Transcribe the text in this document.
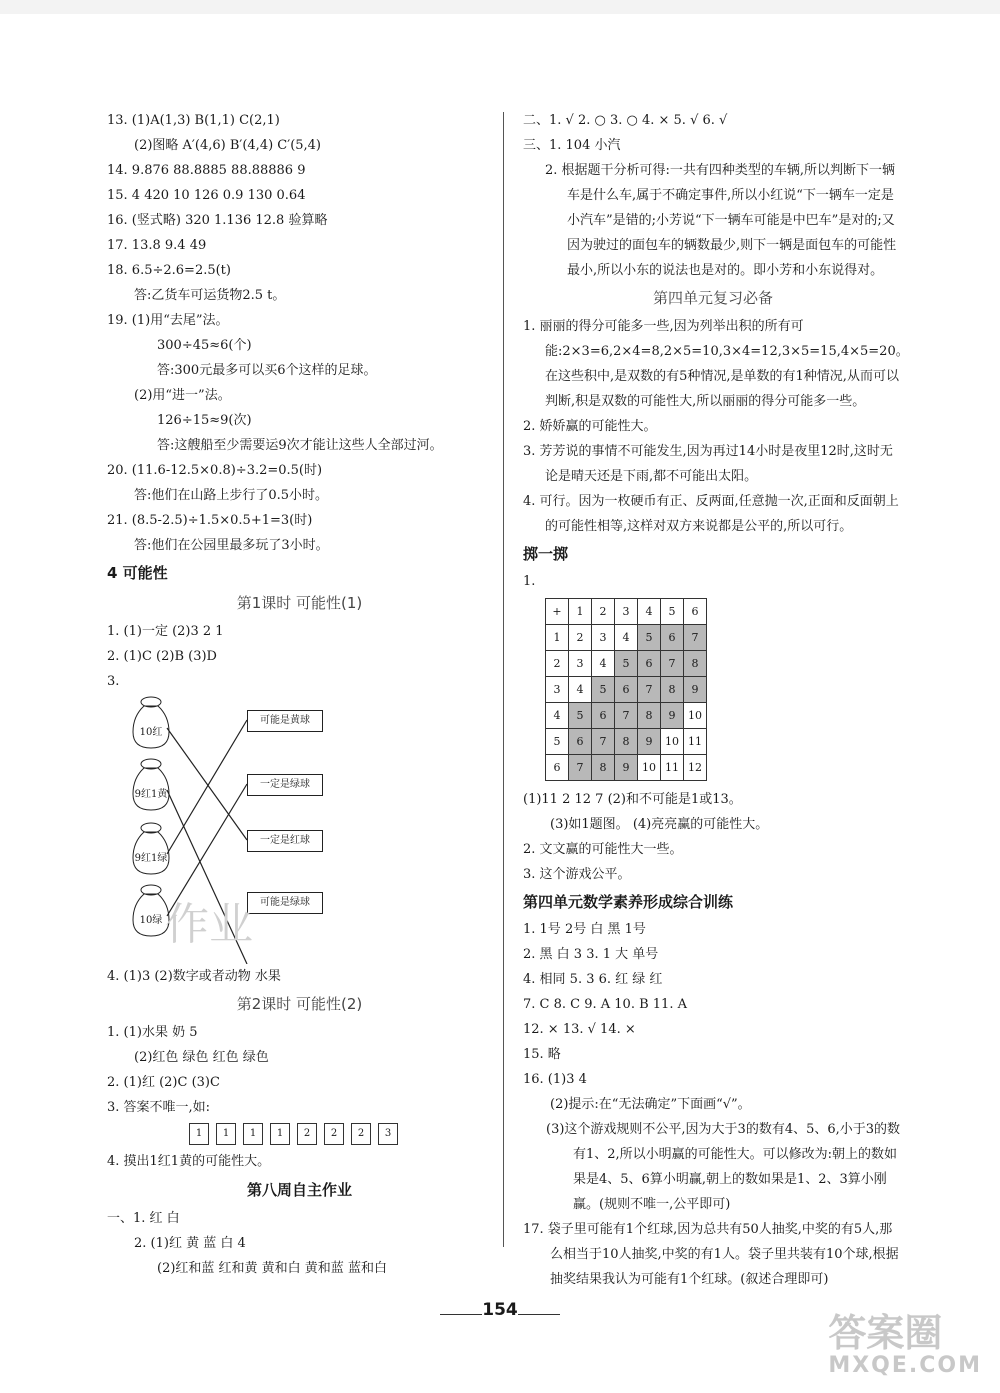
13. (1)A(1,3) B(1,1) C(2,1)
(2)图略 A′(4,6) B′(4,4) C′(5,4)
14. 9.876 88.8885 88.88886 9
15. 4 420 10 126 0.9 130 0.64
16. (竖式略) 320 1.136 12.8 验算略
17. 13.8 9.4 49
18. 6.5÷2.6=2.5(t)
答:乙货车可运货物2.5 t。
19. (1)用“去尾”法。
300÷45≈6(个)
答:300元最多可以买6个这样的足球。
(2)用“进一”法。
126÷15≈9(次)
答:这艘船至少需要运9次才能让这些人全部过河。
20. (11.6-12.5×0.8)÷3.2=0.5(时)
答:他们在山路上步行了0.5小时。
21. (8.5-2.5)÷1.5×0.5+1=3(时)
答:他们在公园里最多玩了3小时。
4 可能性
第1课时 可能性(1)
1. (1)一定 (2)3 2 1
2. (1)C (2)B (3)D
3.
10红
9红1黄
9红1绿
10绿
可能是黄球
一定是绿球
一定是红球
可能是绿球
4. (1)3 (2)数字或者动物 水果
第2课时 可能性(2)
1. (1)水果 奶 5
(2)红色 绿色 红色 绿色
2. (1)红 (2)C (3)C
3. 答案不唯一,如:
1	1	1	1	2	2	2	3
4. 摸出1红1黄的可能性大。
第八周自主作业
一、1. 红 白
2. (1)红 黄 蓝 白 4
(2)红和蓝 红和黄 黄和白 黄和蓝 蓝和白
二、1. √ 2. ○ 3. ○ 4. × 5. √ 6. √
三、1. 104 小汽
2. 根据题干分析可得:一共有四种类型的车辆,所以判断下一辆车是什么车,属于不确定事件,所以小红说“下一辆车一定是小汽车”是错的;小芳说“下一辆车可能是中巴车”是对的;又因为驶过的面包车的辆数最少,则下一辆是面包车的可能性最小,所以小东的说法也是对的。即小芳和小东说得对。
第四单元复习必备
1. 丽丽的得分可能多一些,因为列举出积的所有可能:2×3=6,2×4=8,2×5=10,3×4=12,3×5=15,4×5=20。在这些积中,是双数的有5种情况,是单数的有1种情况,从而可以判断,积是双数的可能性大,所以丽丽的得分可能多一些。
2. 娇娇赢的可能性大。
3. 芳芳说的事情不可能发生,因为再过14小时是夜里12时,这时无论是晴天还是下雨,都不可能出太阳。
4. 可行。因为一枚硬币有正、反两面,任意抛一次,正面和反面朝上的可能性相等,这样对双方来说都是公平的,所以可行。
掷一掷
1.
+	1	2	3	4	5	6
1	2	3	4	5	6	7
2	3	4	5	6	7	8
3	4	5	6	7	8	9
4	5	6	7	8	9	10
5	6	7	8	9	10	11
6	7	8	9	10	11	12
(1)11 2 12 7 (2)和不可能是1或13。
(3)如1题图。 (4)亮亮赢的可能性大。
2. 文文赢的可能性大一些。
3. 这个游戏公平。
第四单元数学素养形成综合训练
1. 1号 2号 白 黑 1号
2. 黑 白 3 3. 1 大 单号
4. 相同 5. 3 6. 红 绿 红
7. C 8. C 9. A 10. B 11. A
12. × 13. √ 14. ×
15. 略
16. (1)3 4
(2)提示:在“无法确定”下面画“√”。
(3)这个游戏规则不公平,因为大于3的数有4、5、6,小于3的数有1、2,所以小明赢的可能性大。可以修改为:朝上的数如果是4、5、6算小明赢,朝上的数如果是1、2、3算小刚赢。(规则不唯一,公平即可)
17. 袋子里可能有1个红球,因为总共有50人抽奖,中奖的有5人,那么相当于10人抽奖,中奖的有1人。袋子里共装有10个球,根据抽奖结果我认为可能有1个红球。(叙述合理即可)
作业
154
答案圈
MXQE.COM
